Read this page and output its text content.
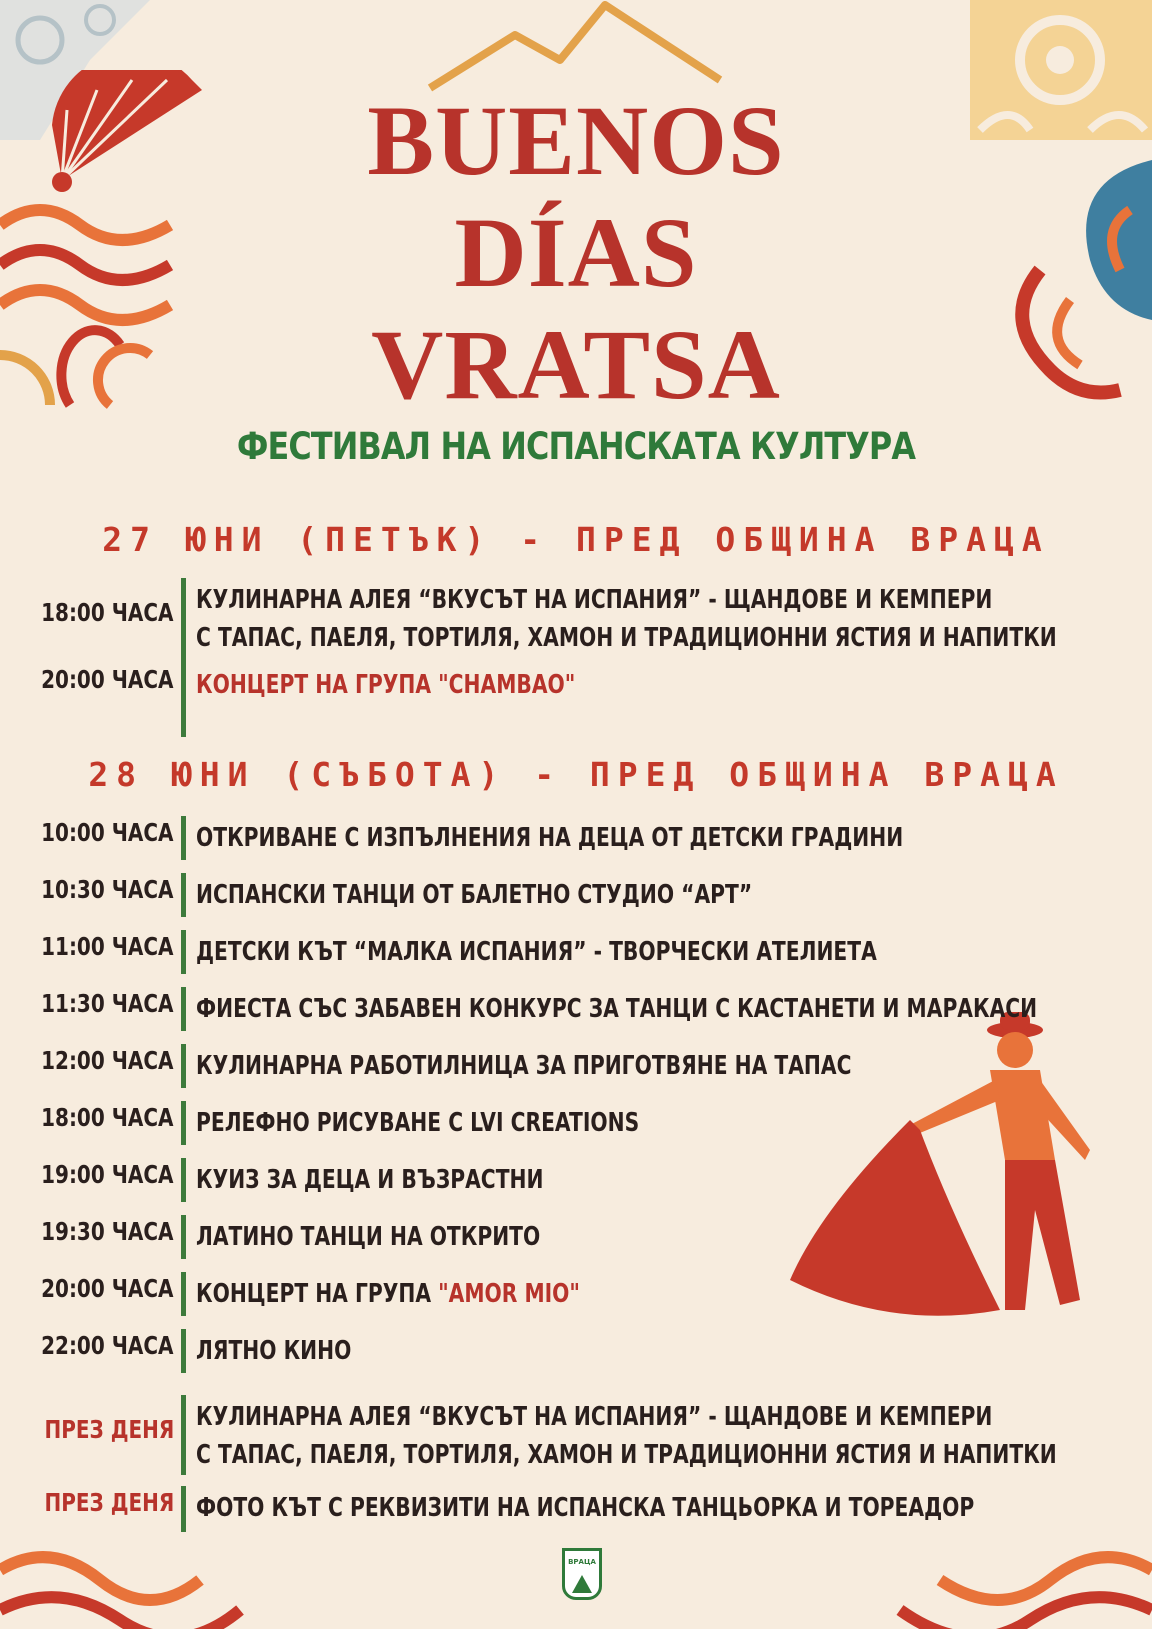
ВРАЦА
BUENOS
DÍAS
VRATSA
ФЕСТИВАЛ НА ИСПАНСКАТА КУЛТУРА
27 ЮНИ (ПЕТЪК) - ПРЕД ОБЩИНА ВРАЦА
18:00 ЧАСА КУЛИНАРНА АЛЕЯ “ВКУСЪТ НА ИСПАНИЯ” - ЩАНДОВЕ И КЕМПЕРИ
С ТАПАС, ПАЕЛЯ, ТОРТИЛЯ, ХАМОН И ТРАДИЦИОННИ ЯСТИЯ И НАПИТКИ
20:00 ЧАСА КОНЦЕРТ НА ГРУПА "СНАМВАО"
28 ЮНИ (СЪБОТА) - ПРЕД ОБЩИНА ВРАЦА
10:00 ЧАСА ОТКРИВАНЕ С ИЗПЪЛНЕНИЯ НА ДЕЦА ОТ ДЕТСКИ ГРАДИНИ
10:30 ЧАСА ИСПАНСКИ ТАНЦИ ОТ БАЛЕТНО СТУДИО “АРТ”
11:00 ЧАСА ДЕТСКИ КЪТ “МАЛКА ИСПАНИЯ” - ТВОРЧЕСКИ АТЕЛИЕТА
11:30 ЧАСА ФИЕСТА СЪС ЗАБАВЕН КОНКУРС ЗА ТАНЦИ С КАСТАНЕТИ И МАРАКАСИ
12:00 ЧАСА КУЛИНАРНА РАБОТИЛНИЦА ЗА ПРИГОТВЯНЕ НА ТАПАС
18:00 ЧАСА РЕЛЕФНО РИСУВАНЕ С LVI CREATIONS
19:00 ЧАСА КУИЗ ЗА ДЕЦА И ВЪЗРАСТНИ
19:30 ЧАСА ЛАТИНО ТАНЦИ НА ОТКРИТО
20:00 ЧАСА КОНЦЕРТ НА ГРУПА "AMOR MIO"
22:00 ЧАСА ЛЯТНО КИНО
ПРЕЗ ДЕНЯ КУЛИНАРНА АЛЕЯ “ВКУСЪТ НА ИСПАНИЯ” - ЩАНДОВЕ И КЕМПЕРИ
С ТАПАС, ПАЕЛЯ, ТОРТИЛЯ, ХАМОН И ТРАДИЦИОННИ ЯСТИЯ И НАПИТКИ
ПРЕЗ ДЕНЯ ФОТО КЪТ С РЕКВИЗИТИ НА ИСПАНСКА ТАНЦЬОРКА И ТОРЕАДОР
